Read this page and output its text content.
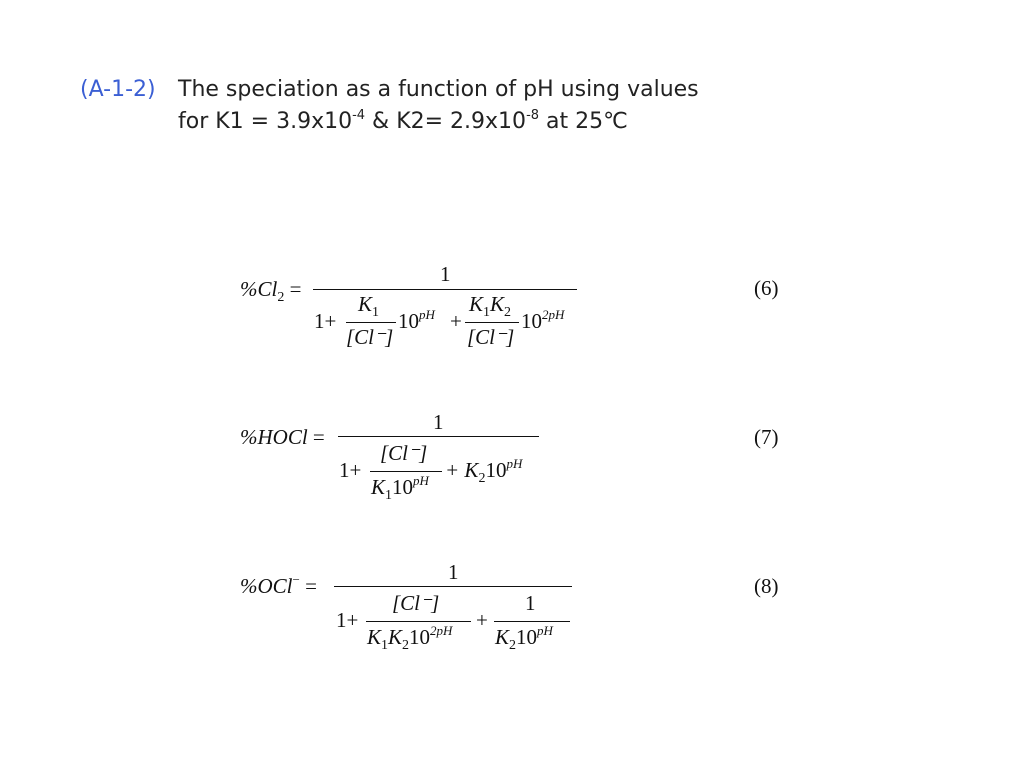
(A-1-2) The speciation as a function of pH using values
for $K1 = 3.9x10^{-4}$ & $K2= 2.9x10^{-8}$ at 25℃
$\%Cl_2$ =
1
1+
$K_1$
[Cl⁻]
$10^{pH}$ +
$K_1K_2$
[Cl⁻]
$10^{2pH}$
(6)
%HOCl =
1
1+
[Cl⁻]
$K_110^{pH} + K_210^{pH}$
(7)
%OCl− =
1
1+
[Cl⁻]
$K_1K_210^{2pH}$ +
1
$K_210^{pH}$
(8)
